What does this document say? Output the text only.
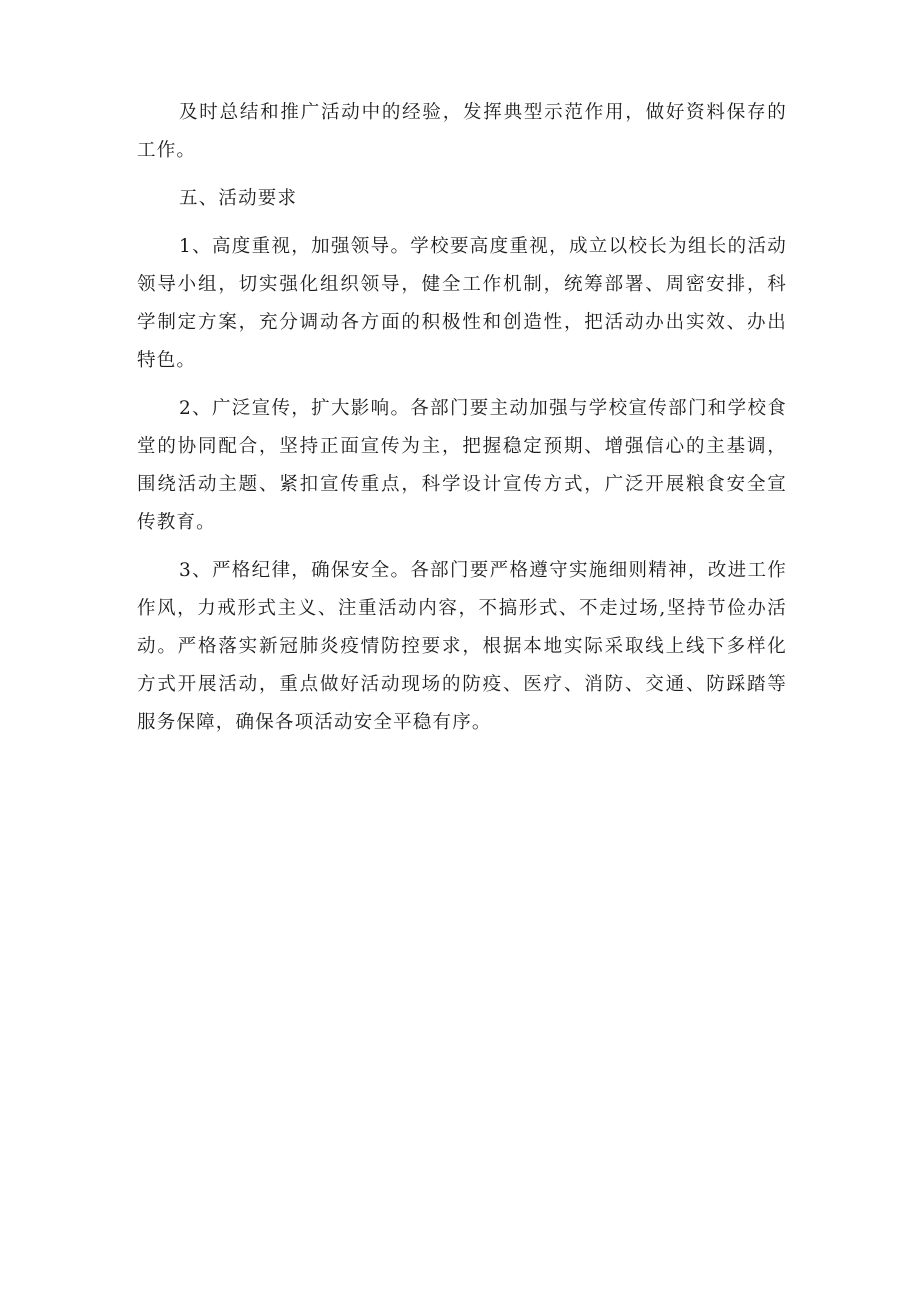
及时总结和推广活动中的经验，发挥典型示范作用，做好资料保存的工作。

五、活动要求

1、高度重视，加强领导。学校要高度重视，成立以校长为组长的活动领导小组，切实强化组织领导，健全工作机制，统筹部署、周密安排，科学制定方案，充分调动各方面的积极性和创造性，把活动办出实效、办出特色。

2、广泛宣传，扩大影响。各部门要主动加强与学校宣传部门和学校食堂的协同配合，坚持正面宣传为主，把握稳定预期、增强信心的主基调，围绕活动主题、紧扣宣传重点，科学设计宣传方式，广泛开展粮食安全宣传教育。

3、严格纪律，确保安全。各部门要严格遵守实施细则精神，改进工作作风，力戒形式主义、注重活动内容，不搞形式、不走过场,坚持节俭办活动。严格落实新冠肺炎疫情防控要求，根据本地实际采取线上线下多样化方式开展活动，重点做好活动现场的防疫、医疗、消防、交通、防踩踏等服务保障，确保各项活动安全平稳有序。
